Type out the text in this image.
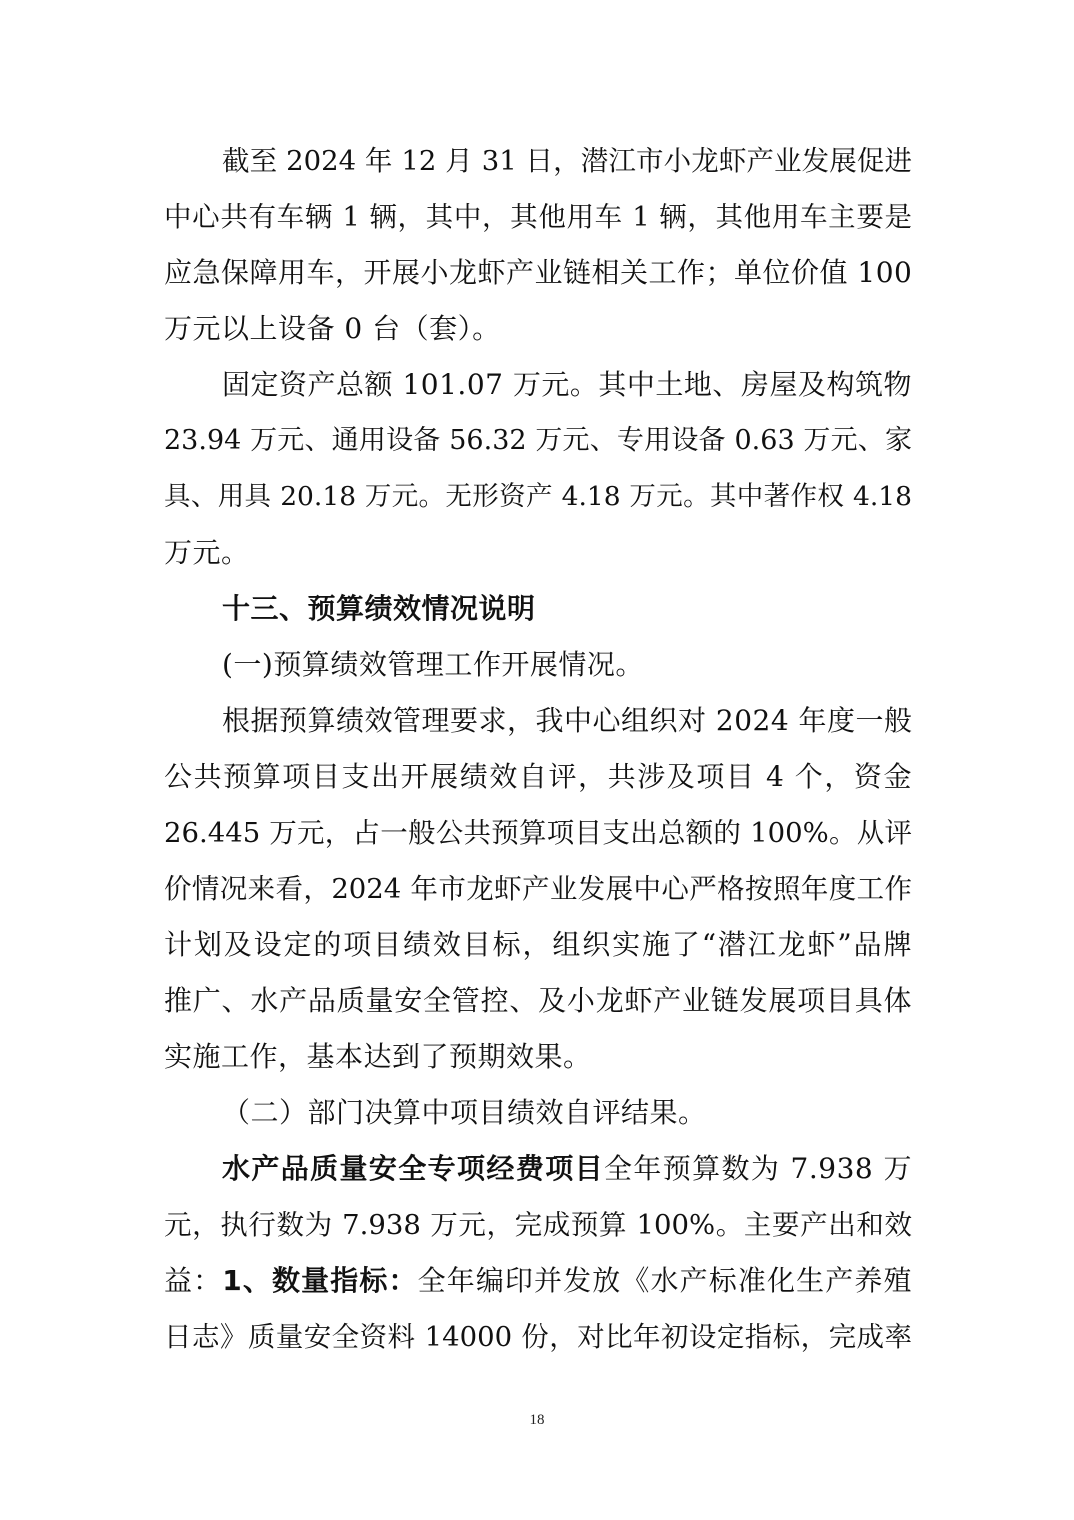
截至 2024 年 12 月 31 日，潜江市小龙虾产业发展促进
中心共有车辆 1 辆，其中，其他用车 1 辆，其他用车主要是
应急保障用车，开展小龙虾产业链相关工作；单位价值 100
万元以上设备 0 台（套）。
固定资产总额 101.07 万元。其中土地、房屋及构筑物
23.94 万元、通用设备 56.32 万元、专用设备 0.63 万元、家
具、用具 20.18 万元。无形资产 4.18 万元。其中著作权 4.18
万元。
十三、预算绩效情况说明
(一)预算绩效管理工作开展情况。
根据预算绩效管理要求，我中心组织对 2024 年度一般
公共预算项目支出开展绩效自评，共涉及项目 4 个，资金
26.445 万元，占一般公共预算项目支出总额的 100%。从评
价情况来看，2024 年市龙虾产业发展中心严格按照年度工作
计划及设定的项目绩效目标，组织实施了“潜江龙虾”品牌
推广、水产品质量安全管控、及小龙虾产业链发展项目具体
实施工作，基本达到了预期效果。
（二）部门决算中项目绩效自评结果。
水产品质量安全专项经费项目全年预算数为 7.938 万
元，执行数为 7.938 万元，完成预算 100%。主要产出和效
益：1、数量指标：全年编印并发放《水产标准化生产养殖
日志》质量安全资料 14000 份，对比年初设定指标，完成率
18
